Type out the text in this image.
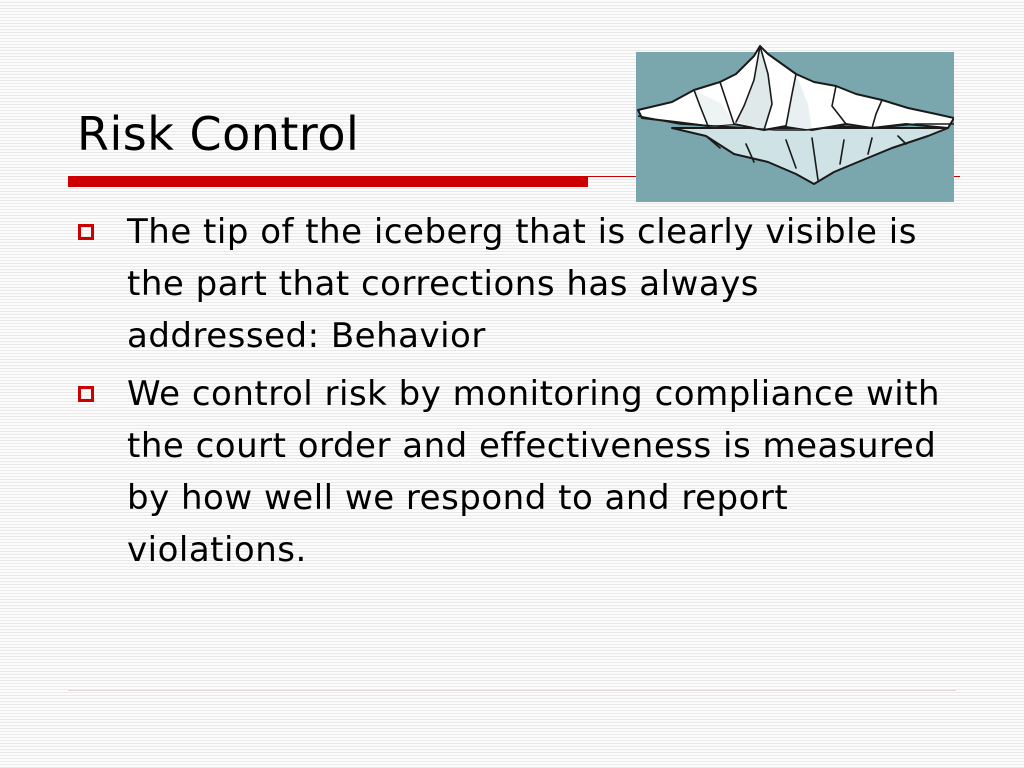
Risk Control
The tip of the iceberg that is clearly visible is the part that corrections has always addressed: Behavior
We control risk by monitoring compliance with the court order and effectiveness is measured by how well we respond to and report violations.
